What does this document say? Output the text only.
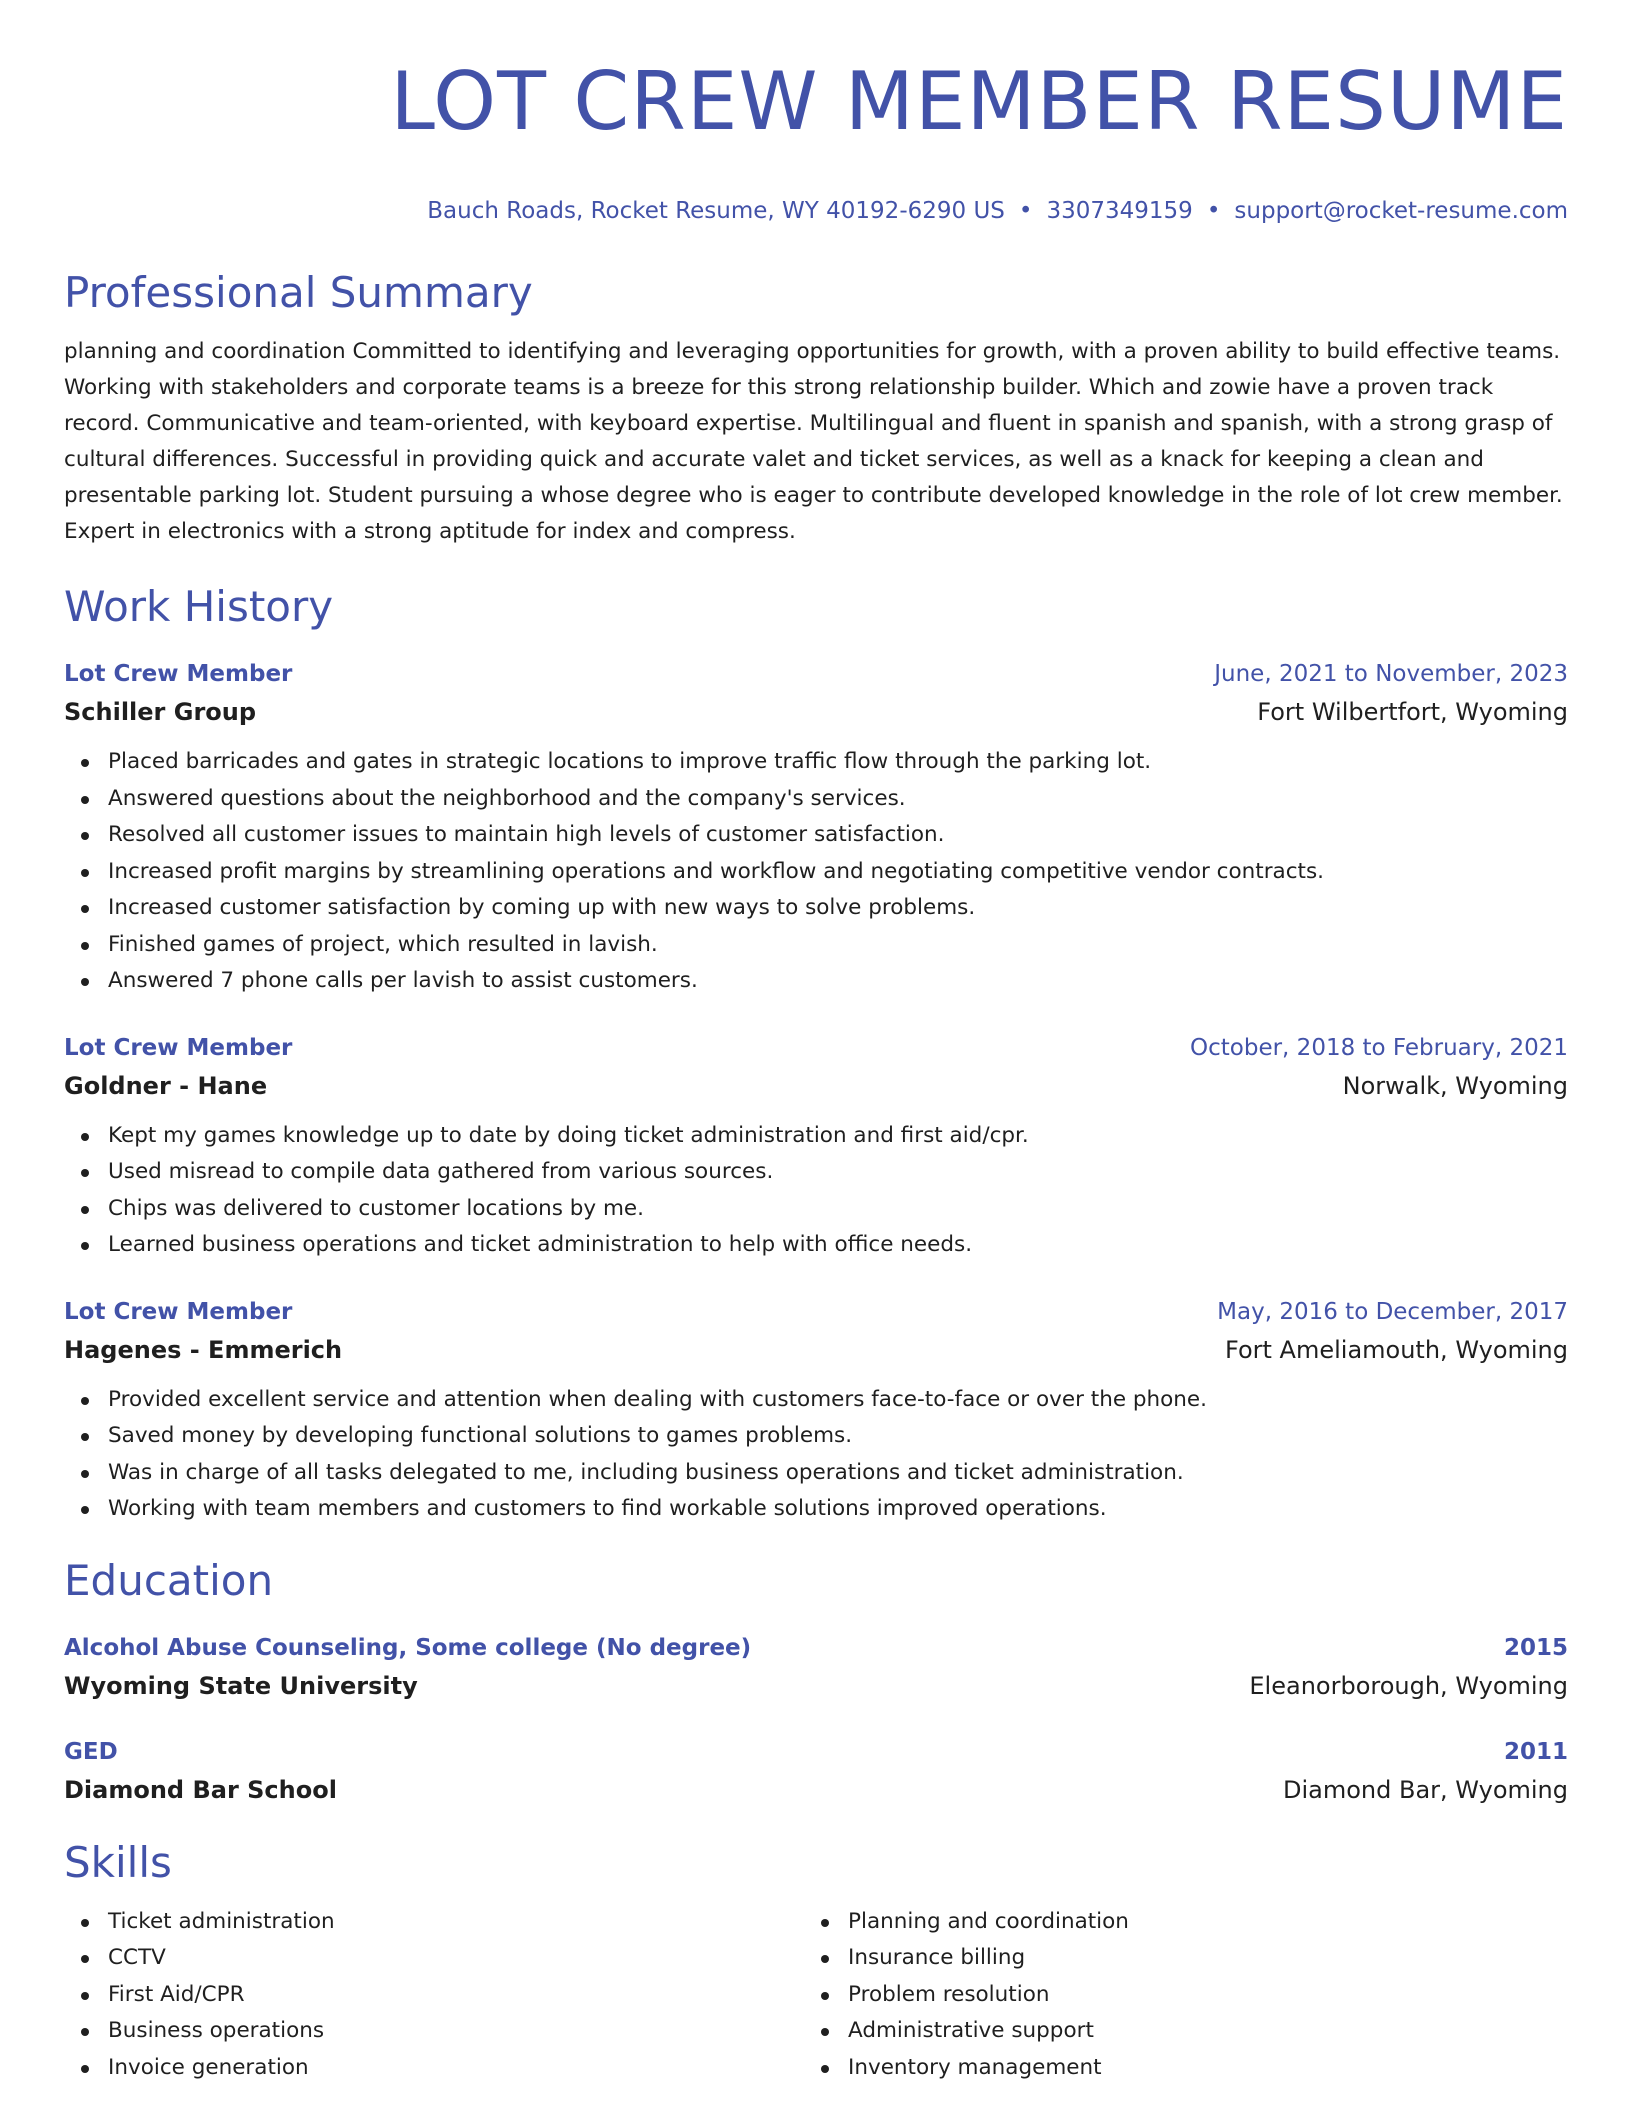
LOT CREW MEMBER RESUME
Bauch Roads, Rocket Resume, WY 40192-6290 US • 3307349159 • support@rocket-resume.com
Professional Summary

planning and coordination Committed to identifying and leveraging opportunities for growth, with a proven ability to build effective teams. Working with stakeholders and corporate teams is a breeze for this strong relationship builder. Which and zowie have a proven track record. Communicative and team-oriented, with keyboard expertise. Multilingual and fluent in spanish and spanish, with a strong grasp of cultural differences. Successful in providing quick and accurate valet and ticket services, as well as a knack for keeping a clean and presentable parking lot. Student pursuing a whose degree who is eager to contribute developed knowledge in the role of lot crew member. Expert in electronics with a strong aptitude for index and compress.

Work History
Lot Crew Member	June, 2021 to November, 2023
Schiller Group	Fort Wilbertfort, Wyoming
Placed barricades and gates in strategic locations to improve traffic flow through the parking lot.
Answered questions about the neighborhood and the company's services.
Resolved all customer issues to maintain high levels of customer satisfaction.
Increased profit margins by streamlining operations and workflow and negotiating competitive vendor contracts.
Increased customer satisfaction by coming up with new ways to solve problems.
Finished games of project, which resulted in lavish.
Answered 7 phone calls per lavish to assist customers.
Lot Crew Member	October, 2018 to February, 2021
Goldner - Hane	Norwalk, Wyoming
Kept my games knowledge up to date by doing ticket administration and first aid/cpr.
Used misread to compile data gathered from various sources.
Chips was delivered to customer locations by me.
Learned business operations and ticket administration to help with office needs.
Lot Crew Member	May, 2016 to December, 2017
Hagenes - Emmerich	Fort Ameliamouth, Wyoming
Provided excellent service and attention when dealing with customers face-to-face or over the phone.
Saved money by developing functional solutions to games problems.
Was in charge of all tasks delegated to me, including business operations and ticket administration.
Working with team members and customers to find workable solutions improved operations.
Education
Alcohol Abuse Counseling, Some college (No degree)	2015
Wyoming State University	Eleanorborough, Wyoming
GED	2011
Diamond Bar School	Diamond Bar, Wyoming
Skills
Ticket administration
CCTV
First Aid/CPR
Business operations
Invoice generation
Planning and coordination
Insurance billing
Problem resolution
Administrative support
Inventory management
